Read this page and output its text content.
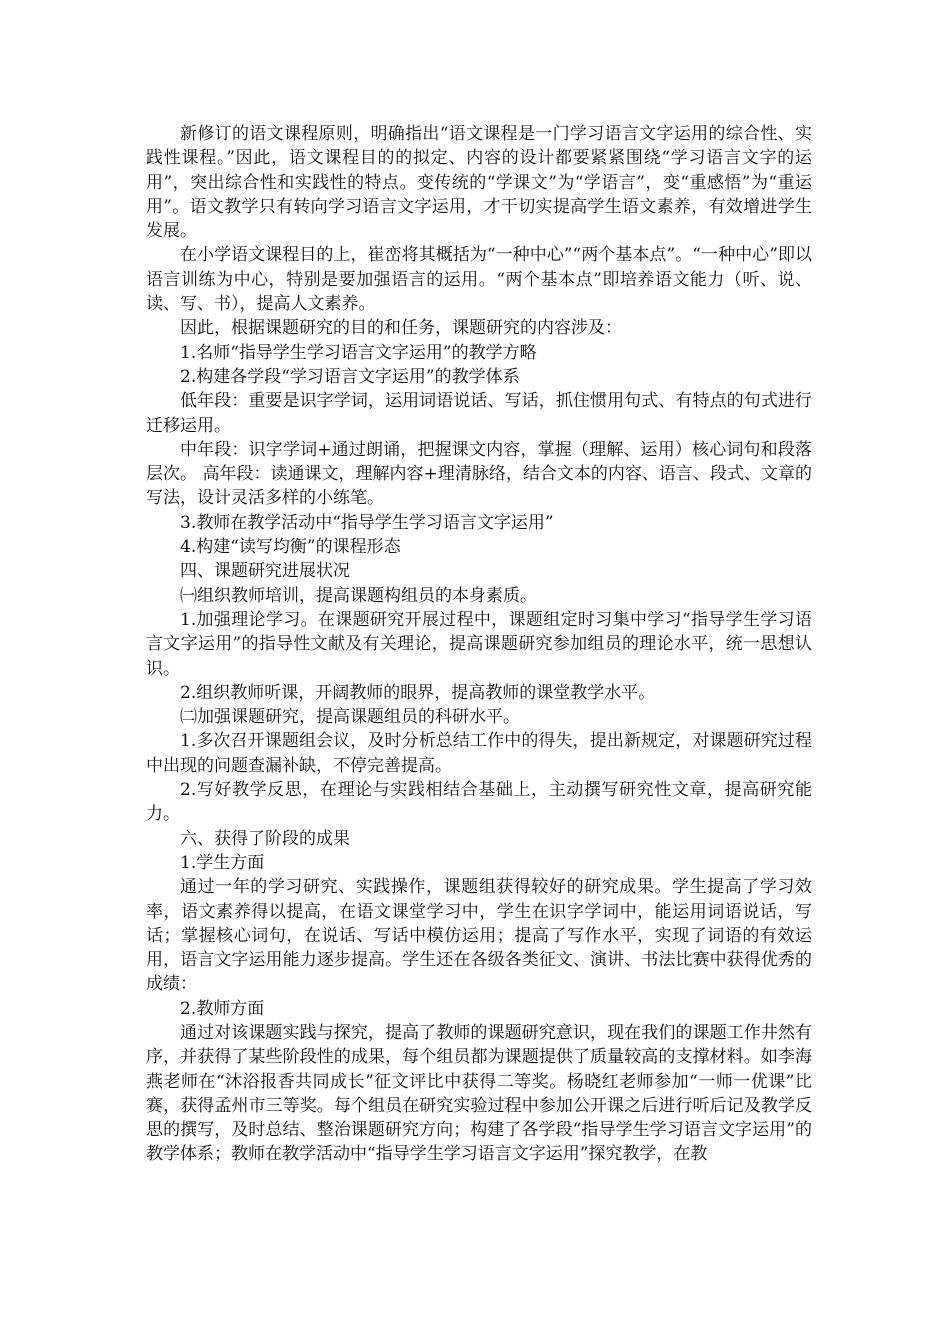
新修订的语文课程原则，明确指出“语文课程是一门学习语言文字运用的综合性、实践性课程。”因此，语文课程目的的拟定、内容的设计都要紧紧围绕“学习语言文字的运用”，突出综合性和实践性的特点。变传统的“学课文”为“学语言”，变“重感悟”为“重运用”。语文教学只有转向学习语言文字运用，才干切实提高学生语文素养，有效增进学生发展。

在小学语文课程目的上，崔峦将其概括为“一种中心”“两个基本点”。“一种中心”即以语言训练为中心，特别是要加强语言的运用。“两个基本点”即培养语文能力（听、说、读、写、书），提高人文素养。

因此，根据课题研究的目的和任务，课题研究的内容涉及：

1.名师“指导学生学习语言文字运用”的教学方略

2.构建各学段“学习语言文字运用”的教学体系

低年段：重要是识字学词，运用词语说话、写话，抓住惯用句式、有特点的句式进行迁移运用。

中年段：识字学词+通过朗诵，把握课文内容，掌握（理解、运用）核心词句和段落层次。 高年段：读通课文，理解内容+理清脉络，结合文本的内容、语言、段式、文章的写法，设计灵活多样的小练笔。

3.教师在教学活动中“指导学生学习语言文字运用”

4.构建“读写均衡”的课程形态

四、课题研究进展状况

㈠组织教师培训，提高课题构组员的本身素质。

1.加强理论学习。在课题研究开展过程中，课题组定时习集中学习“指导学生学习语言文字运用”的指导性文献及有关理论，提高课题研究参加组员的理论水平，统一思想认识。

2.组织教师听课，开阔教师的眼界，提高教师的课堂教学水平。

㈡加强课题研究，提高课题组员的科研水平。

1.多次召开课题组会议，及时分析总结工作中的得失，提出新规定，对课题研究过程中出现的问题查漏补缺，不停完善提高。

2.写好教学反思，在理论与实践相结合基础上，主动撰写研究性文章，提高研究能力。

六、获得了阶段的成果

1.学生方面

通过一年的学习研究、实践操作，课题组获得较好的研究成果。学生提高了学习效率，语文素养得以提高，在语文课堂学习中，学生在识字学词中，能运用词语说话，写话；掌握核心词句，在说话、写话中模仿运用；提高了写作水平，实现了词语的有效运用，语言文字运用能力逐步提高。学生还在各级各类征文、演讲、书法比赛中获得优秀的成绩：

2.教师方面

通过对该课题实践与探究，提高了教师的课题研究意识，现在我们的课题工作井然有序，并获得了某些阶段性的成果，每个组员都为课题提供了质量较高的支撑材料。如李海燕老师在“沐浴报香共同成长”征文评比中获得二等奖。杨晓红老师参加“一师一优课”比赛，获得孟州市三等奖。每个组员在研究实验过程中参加公开课之后进行听后记及教学反思的撰写，及时总结、整治课题研究方向；构建了各学段“指导学生学习语言文字运用”的教学体系；教师在教学活动中“指导学生学习语言文字运用”探究教学，在教
